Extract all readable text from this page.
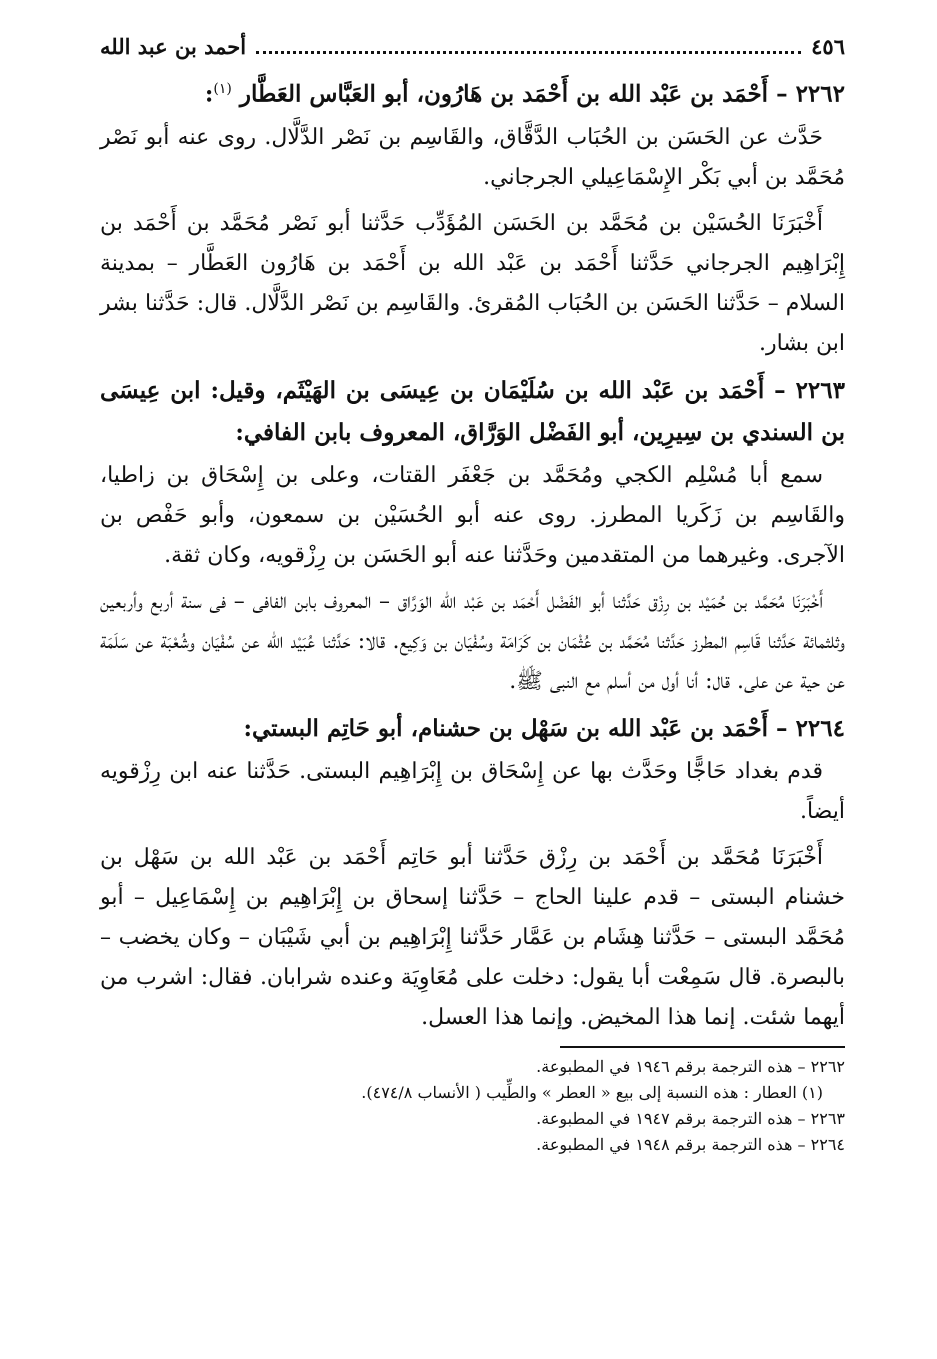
٤٥٦
أحمد بن عبد الله
٢٢٦٢ – أَحْمَد بن عَبْد الله بن أَحْمَد بن هَارُون، أبو العَبَّاس العَطَّار $^{(١)}$:

حَدَّث عن الحَسَن بن الحُبَاب الدَّقَّاق، والقَاسِم بن نَصْر الدَّلَّال. روى عنه أبو نَصْر مُحَمَّد بن أبي بَكْر الإِسْمَاعِيلي الجرجاني.

أَخْبَرَنَا الحُسَيْن بن مُحَمَّد بن الحَسَن المُؤَدِّب حَدَّثنا أبو نَصْر مُحَمَّد بن أَحْمَد بن إِبْرَاهِيم الجرجاني حَدَّثنا أَحْمَد بن عَبْد الله بن أَحْمَد بن هَارُون العَطَّار – بمدينة السلام – حَدَّثنا الحَسَن بن الحُبَاب المُقرئ. والقَاسِم بن نَصْر الدَّلَّال. قال: حَدَّثنا بشر ابن بشار.

٢٢٦٣ – أَحْمَد بن عَبْد الله بن سُلَيْمَان بن عِيسَى بن الهَيْثَم، وقيل: ابن عِيسَى بن السندي بن سِيرِين، أبو الفَضْل الوَرَّاق، المعروف بابن الفافي:

سمع أبا مُسْلِم الكجي ومُحَمَّد بن جَعْفَر القتات، وعلى بن إِسْحَاق بن زاطيا، والقَاسِم بن زَكَريا المطرز. روى عنه أبو الحُسَيْن بن سمعون، وأبو حَفْص بن الآجرى. وغيرهما من المتقدمين وحَدَّثنا عنه أبو الحَسَن بن رِزْقويه، وكان ثقة.

أَخْبَرَنَا مُحَمَّد بن حُمَيْد بن رِزْق حَدَّثنا أبو الفَضْل أَحْمَد بن عَبْد الله الوَرَّاق – المعروف بابن الفافى – فى سنة أربع وأربعين وثلثمائة حَدَّثنا قَاسِم المطرز حَدَّثنا مُحَمَّد بن عُثْمَان بن كَرَامَة وسُفْيَان بن وَكِيع. قالا: حَدَّثنا عُبَيْد الله عن سُفْيَان وشُعْبَة عن سَلَمَة عن حية عن على. قال: أنا أول من أسلم مع النبى ﷺ.

٢٢٦٤ – أَحْمَد بن عَبْد الله بن سَهْل بن حشنام، أبو حَاتِم البستي:

قدم بغداد حَاجًّا وحَدَّث بها عن إِسْحَاق بن إِبْرَاهِيم البستى. حَدَّثنا عنه ابن رِزْقويه أيضاً.

أَخْبَرَنَا مُحَمَّد بن أَحْمَد بن رِزْق حَدَّثنا أبو حَاتِم أَحْمَد بن عَبْد الله بن سَهْل بن خشنام البستى – قدم علينا الحاج – حَدَّثنا إسحاق بن إِبْرَاهِيم بن إِسْمَاعِيل – أبو مُحَمَّد البستى – حَدَّثنا هِشَام بن عَمَّار حَدَّثنا إِبْرَاهِيم بن أبي شَيْبَان – وكان يخضب – بالبصرة. قال سَمِعْت أبا يقول: دخلت على مُعَاوِيَة وعنده شرابان. فقال: اشرب من أيهما شئت. إنما هذا المخيض. وإنما هذا العسل.

٢٢٦٢ – هذه الترجمة برقم ١٩٤٦ في المطبوعة.

(١) العطار : هذه النسبة إلى بيع « العطر » والطِّيب ( الأنساب ٤٧٤/٨).

٢٢٦٣ – هذه الترجمة برقم ١٩٤٧ في المطبوعة.

٢٢٦٤ – هذه الترجمة برقم ١٩٤٨ في المطبوعة.
